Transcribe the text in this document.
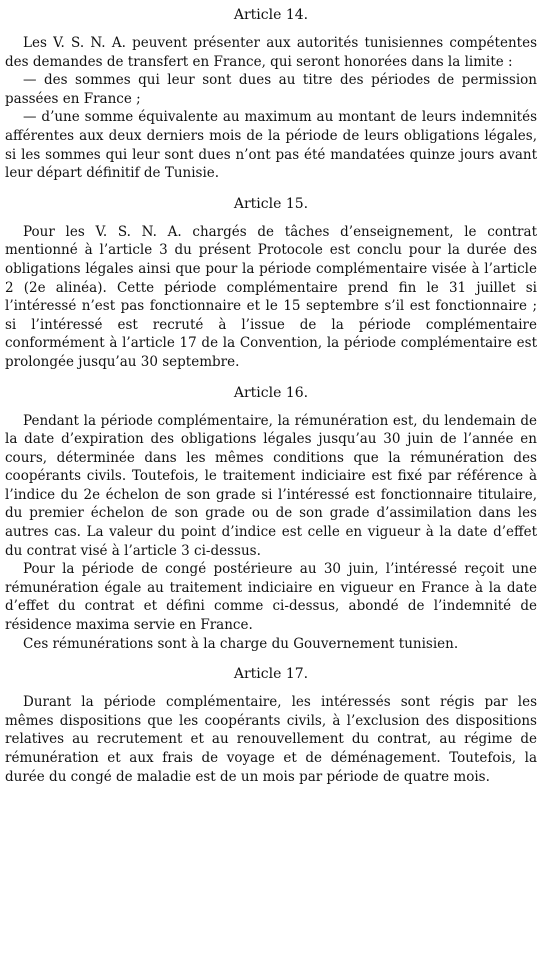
Article 14.

Les V. S. N. A. peuvent présenter aux autorités tunisiennes compétentes des demandes de transfert en France, qui seront honorées dans la limite :

— des sommes qui leur sont dues au titre des périodes de permission passées en France ;

— d’une somme équivalente au maximum au montant de leurs indemnités afférentes aux deux derniers mois de la période de leurs obligations légales, si les sommes qui leur sont dues n’ont pas été mandatées quinze jours avant leur départ définitif de Tunisie.

Article 15.

Pour les V. S. N. A. chargés de tâches d’enseignement, le contrat mentionné à l’article 3 du présent Protocole est conclu pour la durée des obligations légales ainsi que pour la période complémentaire visée à l’article 2 (2e alinéa). Cette période complémentaire prend fin le 31 juillet si l’intéressé n’est pas fonctionnaire et le 15 septembre s’il est fonctionnaire ; si l’intéressé est recruté à l’issue de la période complémentaire conformément à l’article 17 de la Convention, la période complémentaire est prolongée jusqu’au 30 septembre.

Article 16.

Pendant la période complémentaire, la rémunération est, du lendemain de la date d’expiration des obligations légales jusqu’au 30 juin de l’année en cours, déterminée dans les mêmes conditions que la rémunération des coopérants civils. Toutefois, le traitement indiciaire est fixé par référence à l’indice du 2e échelon de son grade si l’intéressé est fonctionnaire titulaire, du premier échelon de son grade ou de son grade d’assimilation dans les autres cas. La valeur du point d’indice est celle en vigueur à la date d’effet du contrat visé à l’article 3 ci-dessus.

Pour la période de congé postérieure au 30 juin, l’intéressé reçoit une rémunération égale au traitement indiciaire en vigueur en France à la date d’effet du contrat et défini comme ci-dessus, abondé de l’indemnité de résidence maxima servie en France.

Ces rémunérations sont à la charge du Gouvernement tunisien.

Article 17.

Durant la période complémentaire, les intéressés sont régis par les mêmes dispositions que les coopérants civils, à l’exclusion des dispositions relatives au recrutement et au renouvellement du contrat, au régime de rémunération et aux frais de voyage et de déménagement. Toutefois, la durée du congé de maladie est de un mois par période de quatre mois.
